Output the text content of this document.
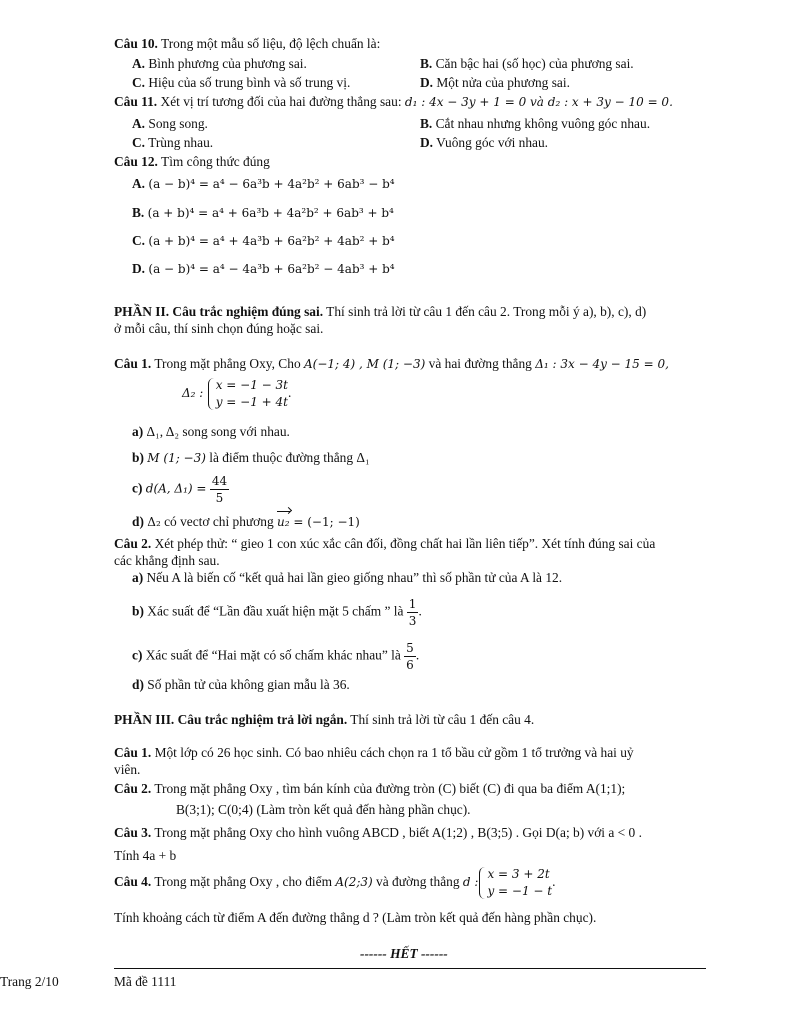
Câu 10. Trong một mẫu số liệu, độ lệch chuẩn là:
A. Bình phương của phương sai.	B. Căn bậc hai (số học) của phương sai.
C. Hiệu của số trung bình và số trung vị.	D. Một nửa của phương sai.
Câu 11. Xét vị trí tương đối của hai đường thẳng sau: d₁ : 4x − 3y + 1 = 0 và d₂ : x + 3y − 10 = 0.
A. Song song.	B. Cắt nhau nhưng không vuông góc nhau.
C. Trùng nhau.	D. Vuông góc với nhau.
Câu 12. Tìm công thức đúng
A. (a − b)⁴ = a⁴ − 6a³b + 4a²b² + 6ab³ − b⁴
B. (a + b)⁴ = a⁴ + 6a³b + 4a²b² + 6ab³ + b⁴
C. (a + b)⁴ = a⁴ + 4a³b + 6a²b² + 4ab² + b⁴
D. (a − b)⁴ = a⁴ − 4a³b + 6a²b² − 4ab³ + b⁴
PHẦN II. Câu trắc nghiệm đúng sai. Thí sinh trả lời từ câu 1 đến câu 2. Trong mỗi ý a), b), c), d)
ở mỗi câu, thí sinh chọn đúng hoặc sai.
Câu 1. Trong mặt phẳng Oxy, Cho A(−1; 4) , M (1; −3) và hai đường thẳng Δ₁ : 3x − 4y − 15 = 0,
Δ₂ :
x = −1 − 3t
y = −1 + 4t
.
a) Δ₁, Δ₂ song song với nhau.
b) M (1; −3) là điểm thuộc đường thẳng Δ₁
c) d(A, $\Delta_1) = \frac{44}{5}$
d) Δ₂ có vectơ chỉ phương u₂ = (−1; −1)
Câu 2. Xét phép thử: “ gieo 1 con xúc xắc cân đối, đồng chất hai lần liên tiếp”. Xét tính đúng sai của
các khẳng định sau.
a) Nếu A là biến cố “kết quả hai lần gieo giống nhau” thì số phần tử của A là 12.
b) Xác suất để “Lần đầu xuất hiện mặt 5 chấm ” là $\frac{1}{3}$ .
c) Xác suất để “Hai mặt có số chấm khác nhau” là $\frac{5}{6}$ .
d) Số phần tử của không gian mẫu là 36.
PHẦN III. Câu trắc nghiệm trả lời ngắn. Thí sinh trả lời từ câu 1 đến câu 4.
Câu 1. Một lớp có 26 học sinh. Có bao nhiêu cách chọn ra 1 tổ bầu cử gồm 1 tổ trưởng và hai uỷ
viên.
Câu 2. Trong mặt phẳng Oxy , tìm bán kính của đường tròn (C) biết (C) đi qua ba điểm A(1;1);
B(3;1); C(0;4) (Làm tròn kết quả đến hàng phần chục).
Câu 3. Trong mặt phẳng Oxy cho hình vuông ABCD , biết A(1;2) , B(3;5) . Gọi D(a; b) với a < 0 .
Tính 4a + b
Câu 4. Trong mặt phẳng Oxy , cho điểm A(2;3) và đường thẳng d :
x = 3 + 2t
y = −1 − t
.
Tính khoảng cách từ điểm A đến đường thẳng d ? (Làm tròn kết quả đến hàng phần chục).
------ HẾT ------
Mã đề 1111
Trang 2/10
